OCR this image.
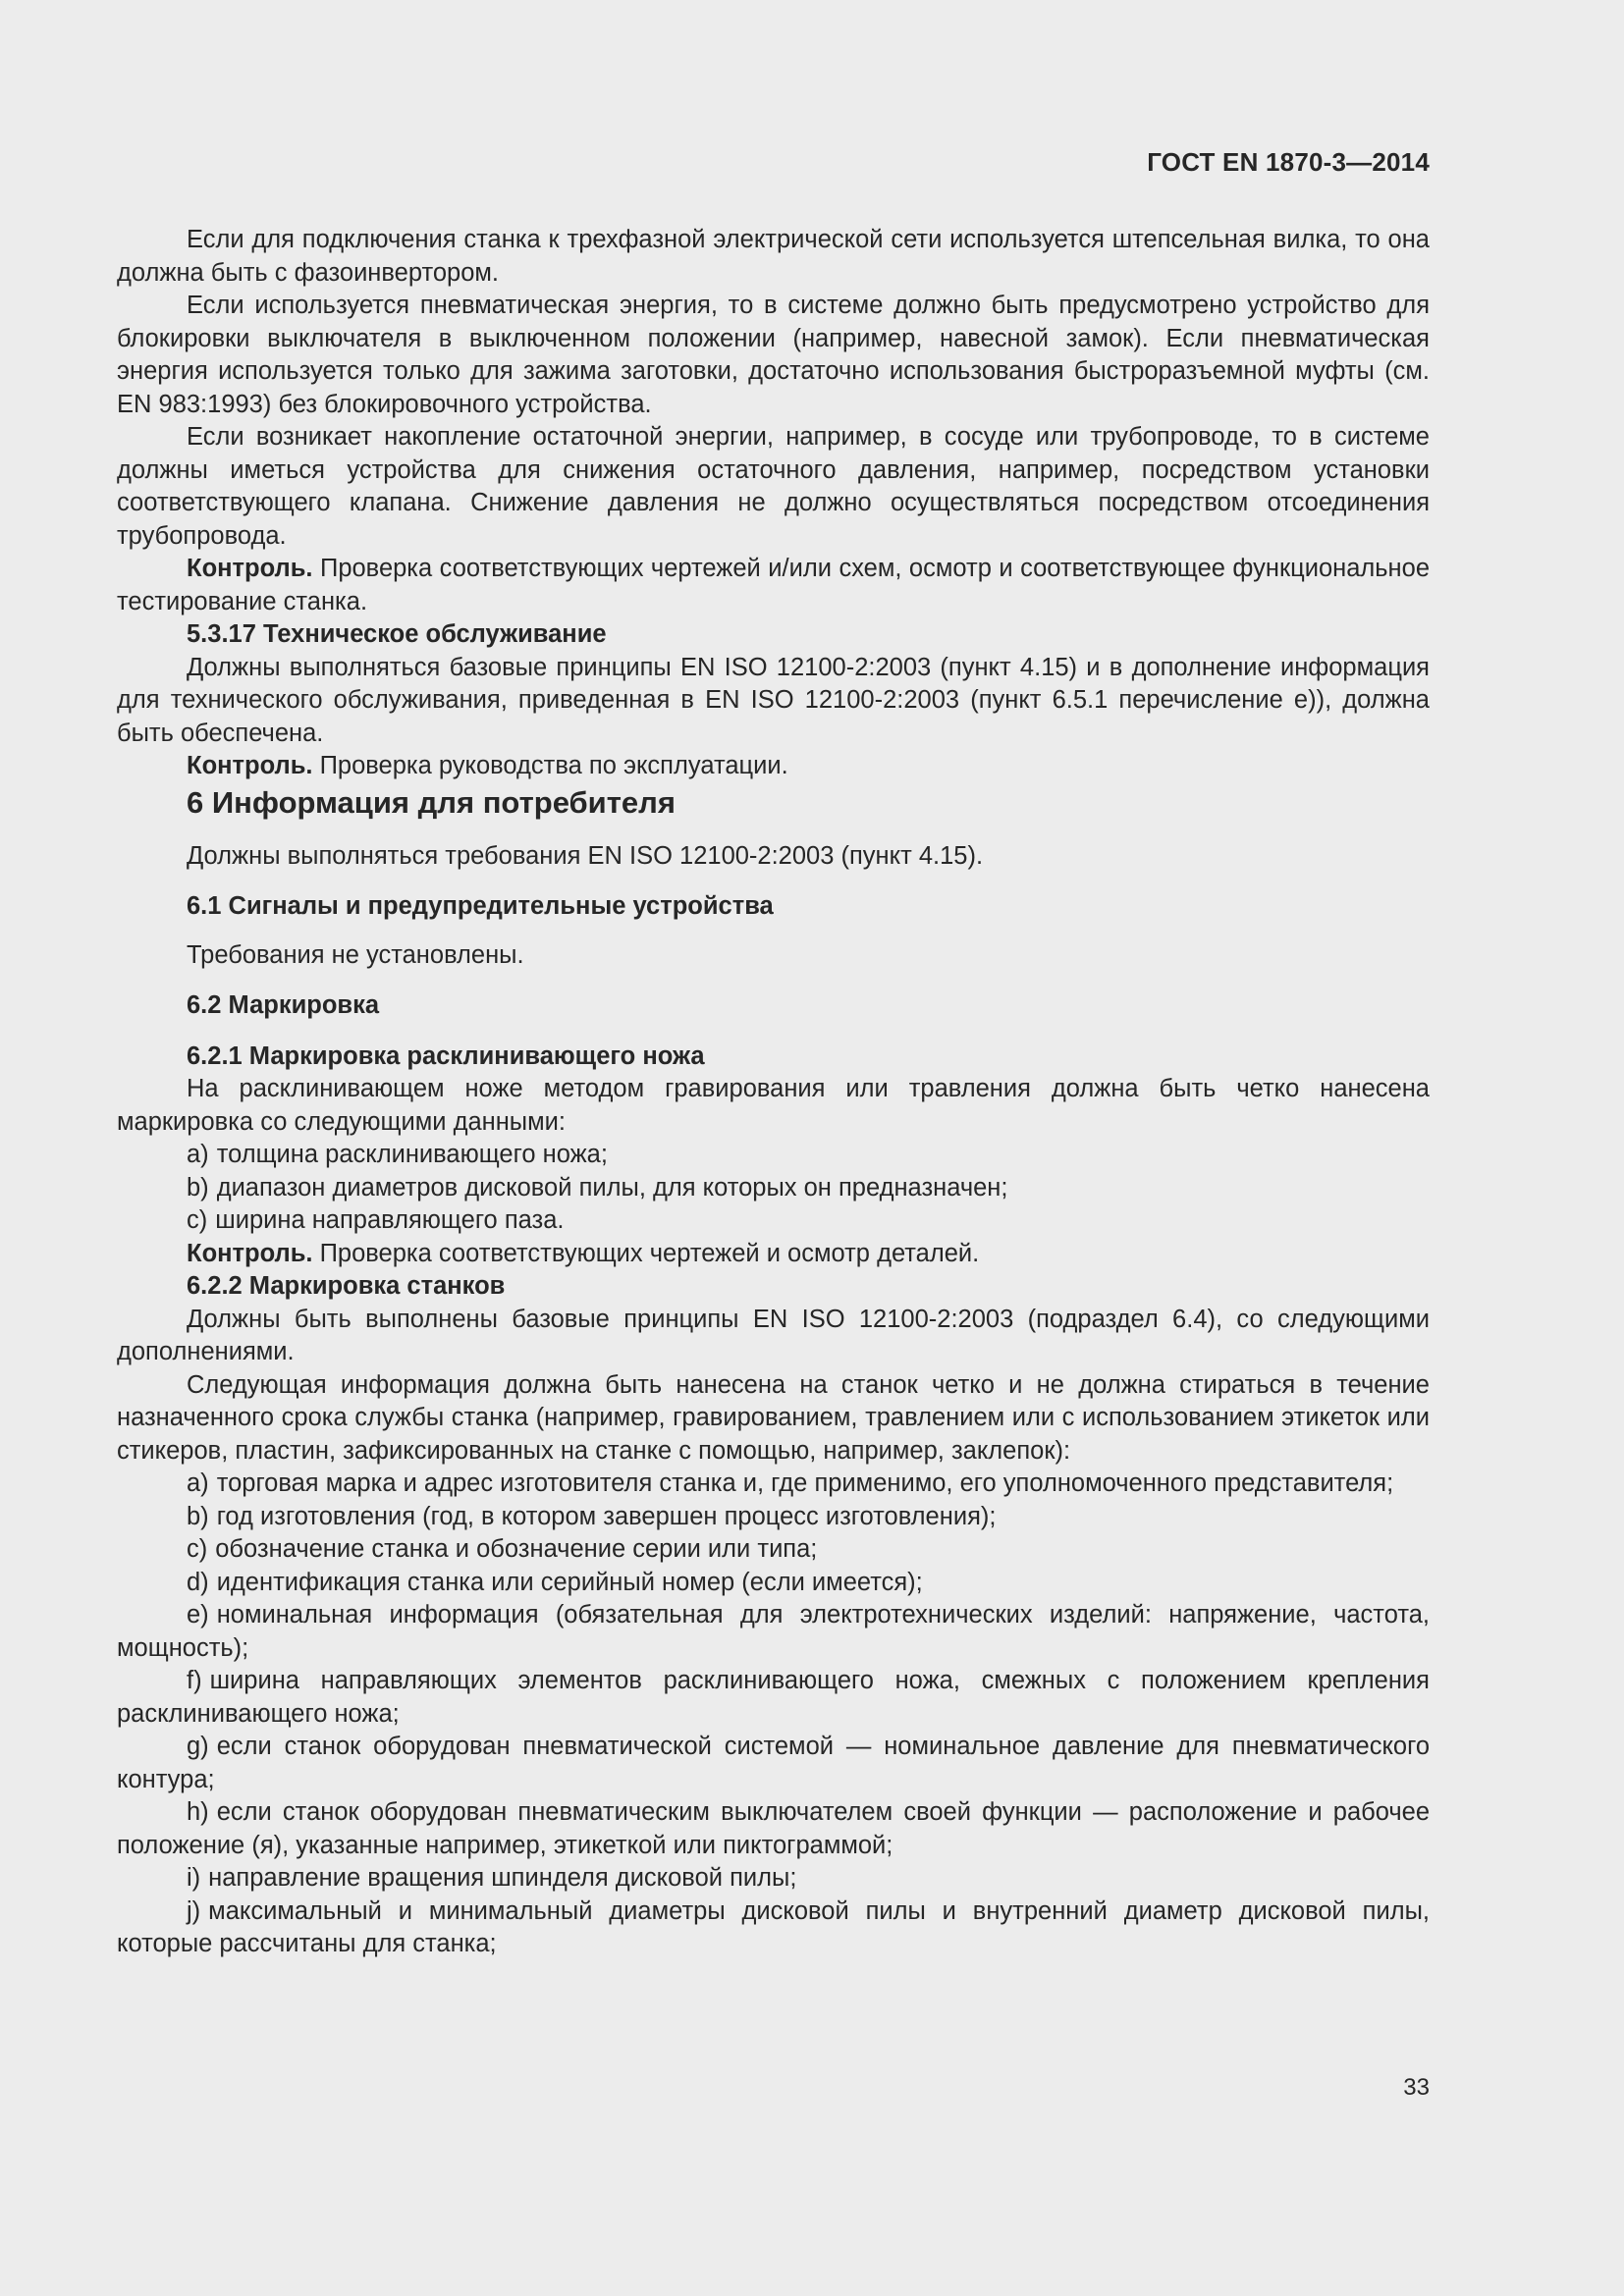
ГОСТ EN 1870-3—2014

Если для подключения станка к трехфазной электрической сети используется штепсельная вилка, то она должна быть с фазоинвертором.

Если используется пневматическая энергия, то в системе должно быть предусмотрено устройство для блокировки выключателя в выключенном положении (например, навесной замок). Если пневматическая энергия используется только для зажима заготовки, достаточно использования быстроразъемной муфты (см. EN 983:1993) без блокировочного устройства.

Если возникает накопление остаточной энергии, например, в сосуде или трубопроводе, то в системе должны иметься устройства для снижения остаточного давления, например, посредством установки соответствующего клапана. Снижение давления не должно осуществляться посредством отсоединения трубопровода.

Контроль. Проверка соответствующих чертежей и/или схем, осмотр и соответствующее функциональное тестирование станка.

5.3.17 Техническое обслуживание

Должны выполняться базовые принципы EN ISO 12100-2:2003 (пункт 4.15) и в дополнение информация для технического обслуживания, приведенная в EN ISO 12100-2:2003 (пункт 6.5.1 перечисление е)), должна быть обеспечена.

Контроль. Проверка руководства по эксплуатации.

6 Информация для потребителя

Должны выполняться требования EN ISO 12100-2:2003 (пункт 4.15).

6.1 Сигналы и предупредительные устройства

Требования не установлены.

6.2 Маркировка

6.2.1 Маркировка расклинивающего ножа

На расклинивающем ноже методом гравирования или травления должна быть четко нанесена маркировка со следующими данными:

a) толщина расклинивающего ножа;

b) диапазон диаметров дисковой пилы, для которых он предназначен;

c) ширина направляющего паза.

Контроль. Проверка соответствующих чертежей и осмотр деталей.

6.2.2 Маркировка станков

Должны быть выполнены базовые принципы EN ISO 12100-2:2003 (подраздел 6.4), со следующими дополнениями.

Следующая информация должна быть нанесена на станок четко и не должна стираться в течение назначенного срока службы станка (например, гравированием, травлением или с использованием этикеток или стикеров, пластин, зафиксированных на станке с помощью, например, заклепок):

a) торговая марка и адрес изготовителя станка и, где применимо, его уполномоченного представителя;

b) год изготовления (год, в котором завершен процесс изготовления);

c) обозначение станка и обозначение серии или типа;

d) идентификация станка или серийный номер (если имеется);

e) номинальная информация (обязательная для электротехнических изделий: напряжение, частота, мощность);

f) ширина направляющих элементов расклинивающего ножа, смежных с положением крепления расклинивающего ножа;

g) если станок оборудован пневматической системой — номинальное давление для пневматического контура;

h) если станок оборудован пневматическим выключателем своей функции — расположение и рабочее положение (я), указанные например, этикеткой или пиктограммой;

i) направление вращения шпинделя дисковой пилы;

j) максимальный и минимальный диаметры дисковой пилы и внутренний диаметр дисковой пилы, которые рассчитаны для станка;

33
